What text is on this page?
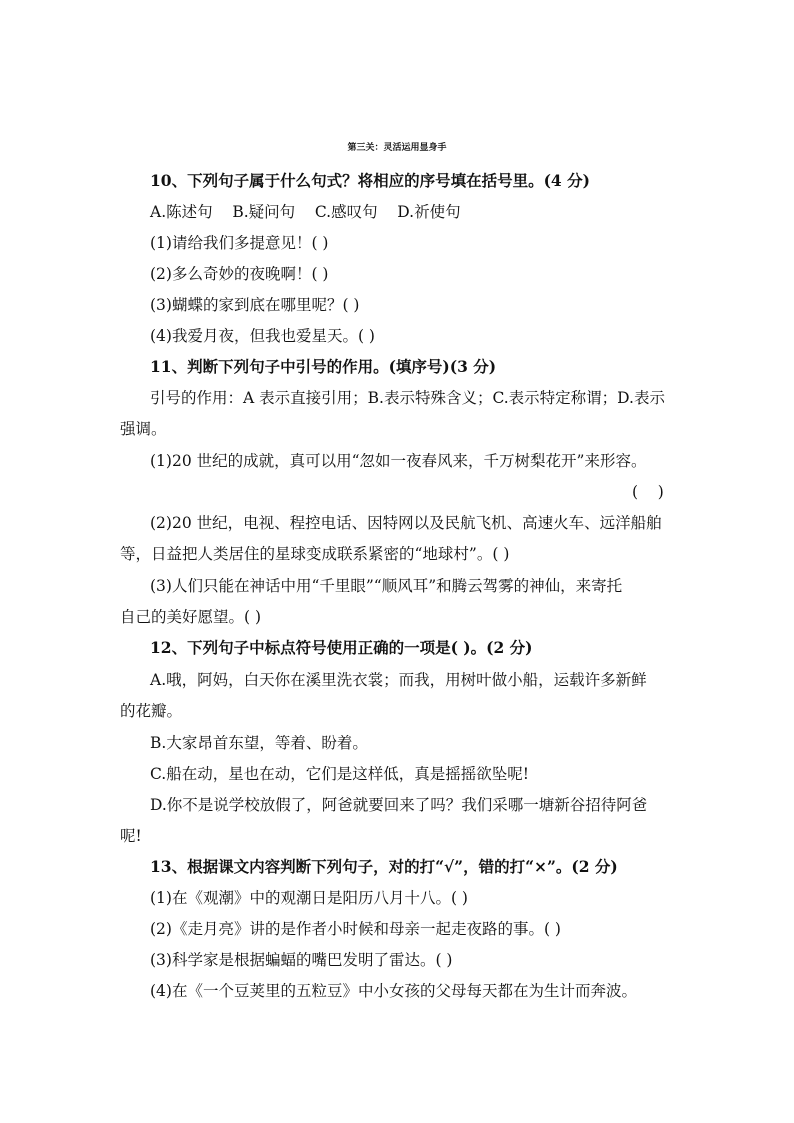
第三关：灵活运用显身手
10、下列句子属于什么句式？将相应的序号填在括号里。(4 分)
A.陈述句    B.疑问句    C.感叹句    D.祈使句
(1)请给我们多提意见！( )
(2)多么奇妙的夜晚啊！( )
(3)蝴蝶的家到底在哪里呢？( )
(4)我爱月夜，但我也爱星天。( )
11、判断下列句子中引号的作用。(填序号)(3 分)
引号的作用：A 表示直接引用；B.表示特殊含义；C.表示特定称谓；D.表示
强调。
(1)20 世纪的成就，真可以用“忽如一夜春风来，千万树梨花开”来形容。
(    )
(2)20 世纪，电视、程控电话、因特网以及民航飞机、高速火车、远洋船舶
等，日益把人类居住的星球变成联系紧密的“地球村”。( )
(3)人们只能在神话中用“千里眼”“顺风耳”和腾云驾雾的神仙，来寄托
自己的美好愿望。( )
12、下列句子中标点符号使用正确的一项是( )。(2 分)
A.哦，阿妈，白天你在溪里洗衣裳；而我，用树叶做小船，运载许多新鲜
的花瓣。
B.大家昂首东望，等着、盼着。
C.船在动，星也在动，它们是这样低，真是摇摇欲坠呢!
D.你不是说学校放假了，阿爸就要回来了吗？我们采哪一塘新谷招待阿爸
呢!
13、根据课文内容判断下列句子，对的打“√”，错的打“×”。(2 分)
(1)在《观潮》中的观潮日是阳历八月十八。( )
(2)《走月亮》讲的是作者小时候和母亲一起走夜路的事。( )
(3)科学家是根据蝙蝠的嘴巴发明了雷达。( )
(4)在《一个豆荚里的五粒豆》中小女孩的父母每天都在为生计而奔波。
